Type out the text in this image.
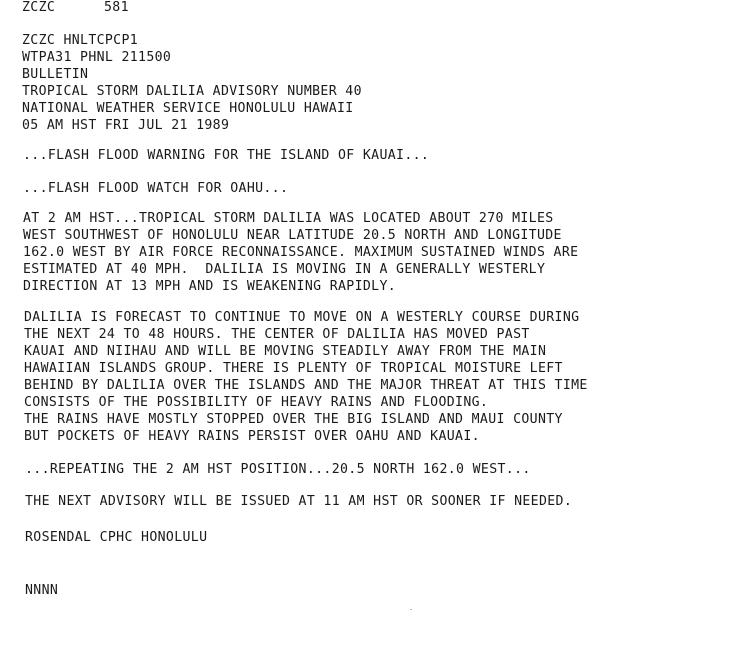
ZCZC	581
ZCZC HNLTCPCP1
WTPA31 PHNL 211500
BULLETIN
TROPICAL STORM DALILIA ADVISORY NUMBER 40
NATIONAL WEATHER SERVICE HONOLULU HAWAII
05 AM HST FRI JUL 21 1989
...FLASH FLOOD WARNING FOR THE ISLAND OF KAUAI...
...FLASH FLOOD WATCH FOR OAHU...
AT 2 AM HST...TROPICAL STORM DALILIA WAS LOCATED ABOUT 270 MILES
WEST SOUTHWEST OF HONOLULU NEAR LATITUDE 20.5 NORTH AND LONGITUDE
162.0 WEST BY AIR FORCE RECONNAISSANCE. MAXIMUM SUSTAINED WINDS ARE
ESTIMATED AT 40 MPH.  DALILIA IS MOVING IN A GENERALLY WESTERLY
DIRECTION AT 13 MPH AND IS WEAKENING RAPIDLY.
DALILIA IS FORECAST TO CONTINUE TO MOVE ON A WESTERLY COURSE DURING
THE NEXT 24 TO 48 HOURS. THE CENTER OF DALILIA HAS MOVED PAST
KAUAI AND NIIHAU AND WILL BE MOVING STEADILY AWAY FROM THE MAIN
HAWAIIAN ISLANDS GROUP. THERE IS PLENTY OF TROPICAL MOISTURE LEFT
BEHIND BY DALILIA OVER THE ISLANDS AND THE MAJOR THREAT AT THIS TIME
CONSISTS OF THE POSSIBILITY OF HEAVY RAINS AND FLOODING.
THE RAINS HAVE MOSTLY STOPPED OVER THE BIG ISLAND AND MAUI COUNTY
BUT POCKETS OF HEAVY RAINS PERSIST OVER OAHU AND KAUAI.
...REPEATING THE 2 AM HST POSITION...20.5 NORTH 162.0 WEST...
THE NEXT ADVISORY WILL BE ISSUED AT 11 AM HST OR SOONER IF NEEDED.
ROSENDAL CPHC HONOLULU
NNNN
